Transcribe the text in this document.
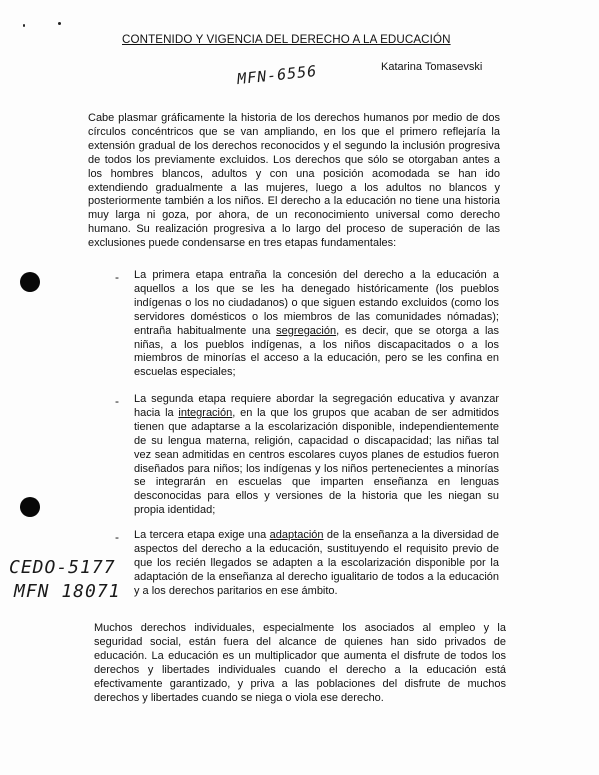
CONTENIDO Y VIGENCIA DEL DERECHO A LA EDUCACIÓN
Katarina Tomasevski
MFN-6556

Cabe plasmar gráficamente la historia de los derechos humanos por medio de dos círculos concéntricos que se van ampliando, en los que el primero reflejaría la extensión gradual de los derechos reconocidos y el segundo la inclusión progresiva de todos los previamente excluidos. Los derechos que sólo se otorgaban antes a los hombres blancos, adultos y con una posición acomodada se han ido extendiendo gradualmente a las mujeres, luego a los adultos no blancos y posteriormente también a los niños. El derecho a la educación no tiene una historia muy larga ni goza, por ahora, de un reconocimiento universal como derecho humano. Su realización progresiva a lo largo del proceso de superación de las exclusiones puede condensarse en tres etapas fundamentales:

- La primera etapa entraña la concesión del derecho a la educación a aquellos a los que se les ha denegado históricamente (los pueblos indígenas o los no ciudadanos) o que siguen estando excluidos (como los servidores domésticos o los miembros de las comunidades nómadas); entraña habitualmente una segregación, es decir, que se otorga a las niñas, a los pueblos indígenas, a los niños discapacitados o a los miembros de minorías el acceso a la educación, pero se les confina en escuelas especiales;

- La segunda etapa requiere abordar la segregación educativa y avanzar hacia la integración, en la que los grupos que acaban de ser admitidos tienen que adaptarse a la escolarización disponible, independientemente de su lengua materna, religión, capacidad o discapacidad; las niñas tal vez sean admitidas en centros escolares cuyos planes de estudios fueron diseñados para niños; los indígenas y los niños pertenecientes a minorías se integrarán en escuelas que imparten enseñanza en lenguas desconocidas para ellos y versiones de la historia que les niegan su propia identidad;

- La tercera etapa exige una adaptación de la enseñanza a la diversidad de aspectos del derecho a la educación, sustituyendo el requisito previo de que los recién llegados se adapten a la escolarización disponible por la adaptación de la enseñanza al derecho igualitario de todos a la educación y a los derechos paritarios en ese ámbito.

CEDO-5177
MFN 18071

Muchos derechos individuales, especialmente los asociados al empleo y la seguridad social, están fuera del alcance de quienes han sido privados de educación. La educación es un multiplicador que aumenta el disfrute de todos los derechos y libertades individuales cuando el derecho a la educación está efectivamente garantizado, y priva a las poblaciones del disfrute de muchos derechos y libertades cuando se niega o viola ese derecho.
